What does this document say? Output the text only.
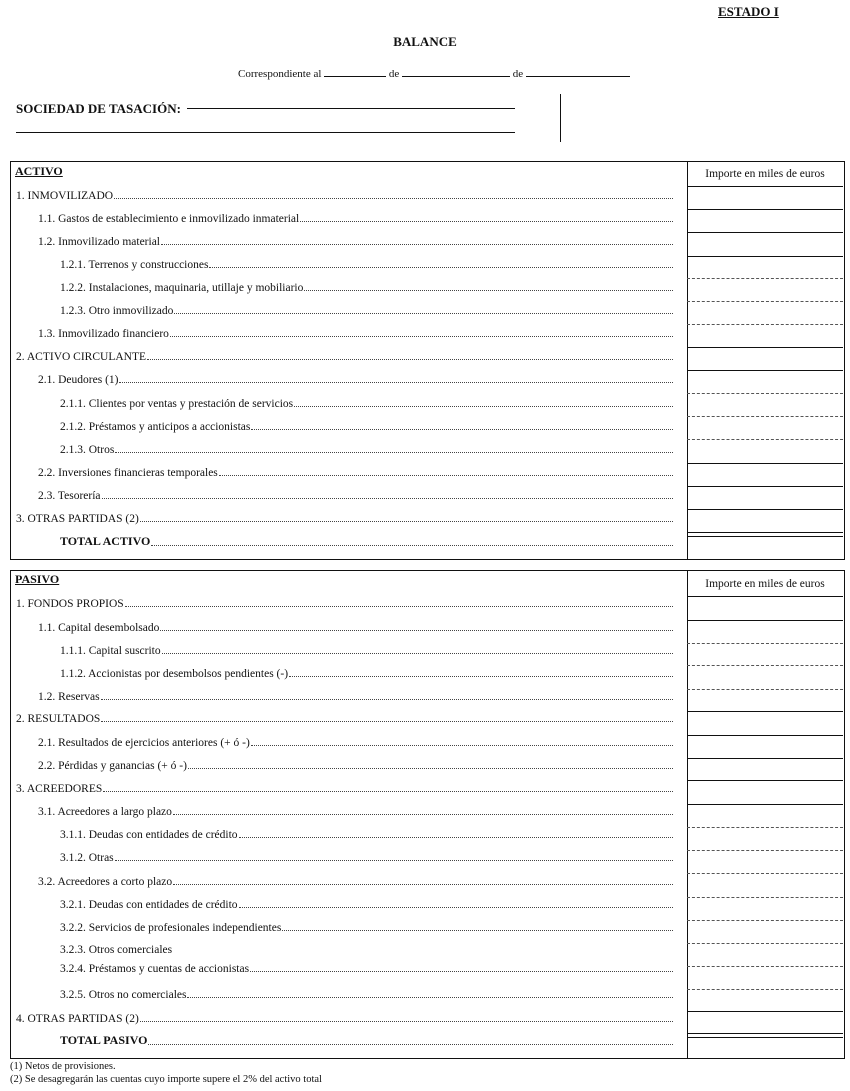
ESTADO I
BALANCE
Correspondiente al	de	de
SOCIEDAD DE TASACIÓN:
ACTIVO	Importe en miles de euros
PASIVO	Importe en miles de euros
(1) Netos de provisiones.
(2) Se desagregarán las cuentas cuyo importe supere el 2% del activo total
1. INMOVILIZADO
1.1. Gastos de establecimiento e inmovilizado inmaterial
1.2. Inmovilizado material
1.2.1. Terrenos y construcciones
1.2.2. Instalaciones, maquinaria, utillaje y mobiliario
1.2.3. Otro inmovilizado
1.3. Inmovilizado financiero
2. ACTIVO CIRCULANTE
2.1. Deudores (1)
2.1.1. Clientes por ventas y prestación de servicios
2.1.2. Préstamos y anticipos a accionistas
2.1.3. Otros
2.2. Inversiones financieras temporales
2.3. Tesorería
3. OTRAS PARTIDAS (2)
TOTAL ACTIVO
1. FONDOS PROPIOS
1.1. Capital desembolsado
1.1.1. Capital suscrito
1.1.2. Accionistas por desembolsos pendientes (-)
1.2. Reservas
2. RESULTADOS
2.1. Resultados de ejercicios anteriores (+ ó -)
2.2. Pérdidas y ganancias (+ ó -)
3. ACREEDORES
3.1. Acreedores a largo plazo
3.1.1. Deudas con entidades de crédito
3.1.2. Otras
3.2. Acreedores a corto plazo
3.2.1. Deudas con entidades de crédito
3.2.2. Servicios de profesionales independientes
3.2.3. Otros comerciales
3.2.4. Préstamos y cuentas de accionistas
3.2.5. Otros no comerciales
4. OTRAS PARTIDAS (2)
TOTAL PASIVO
